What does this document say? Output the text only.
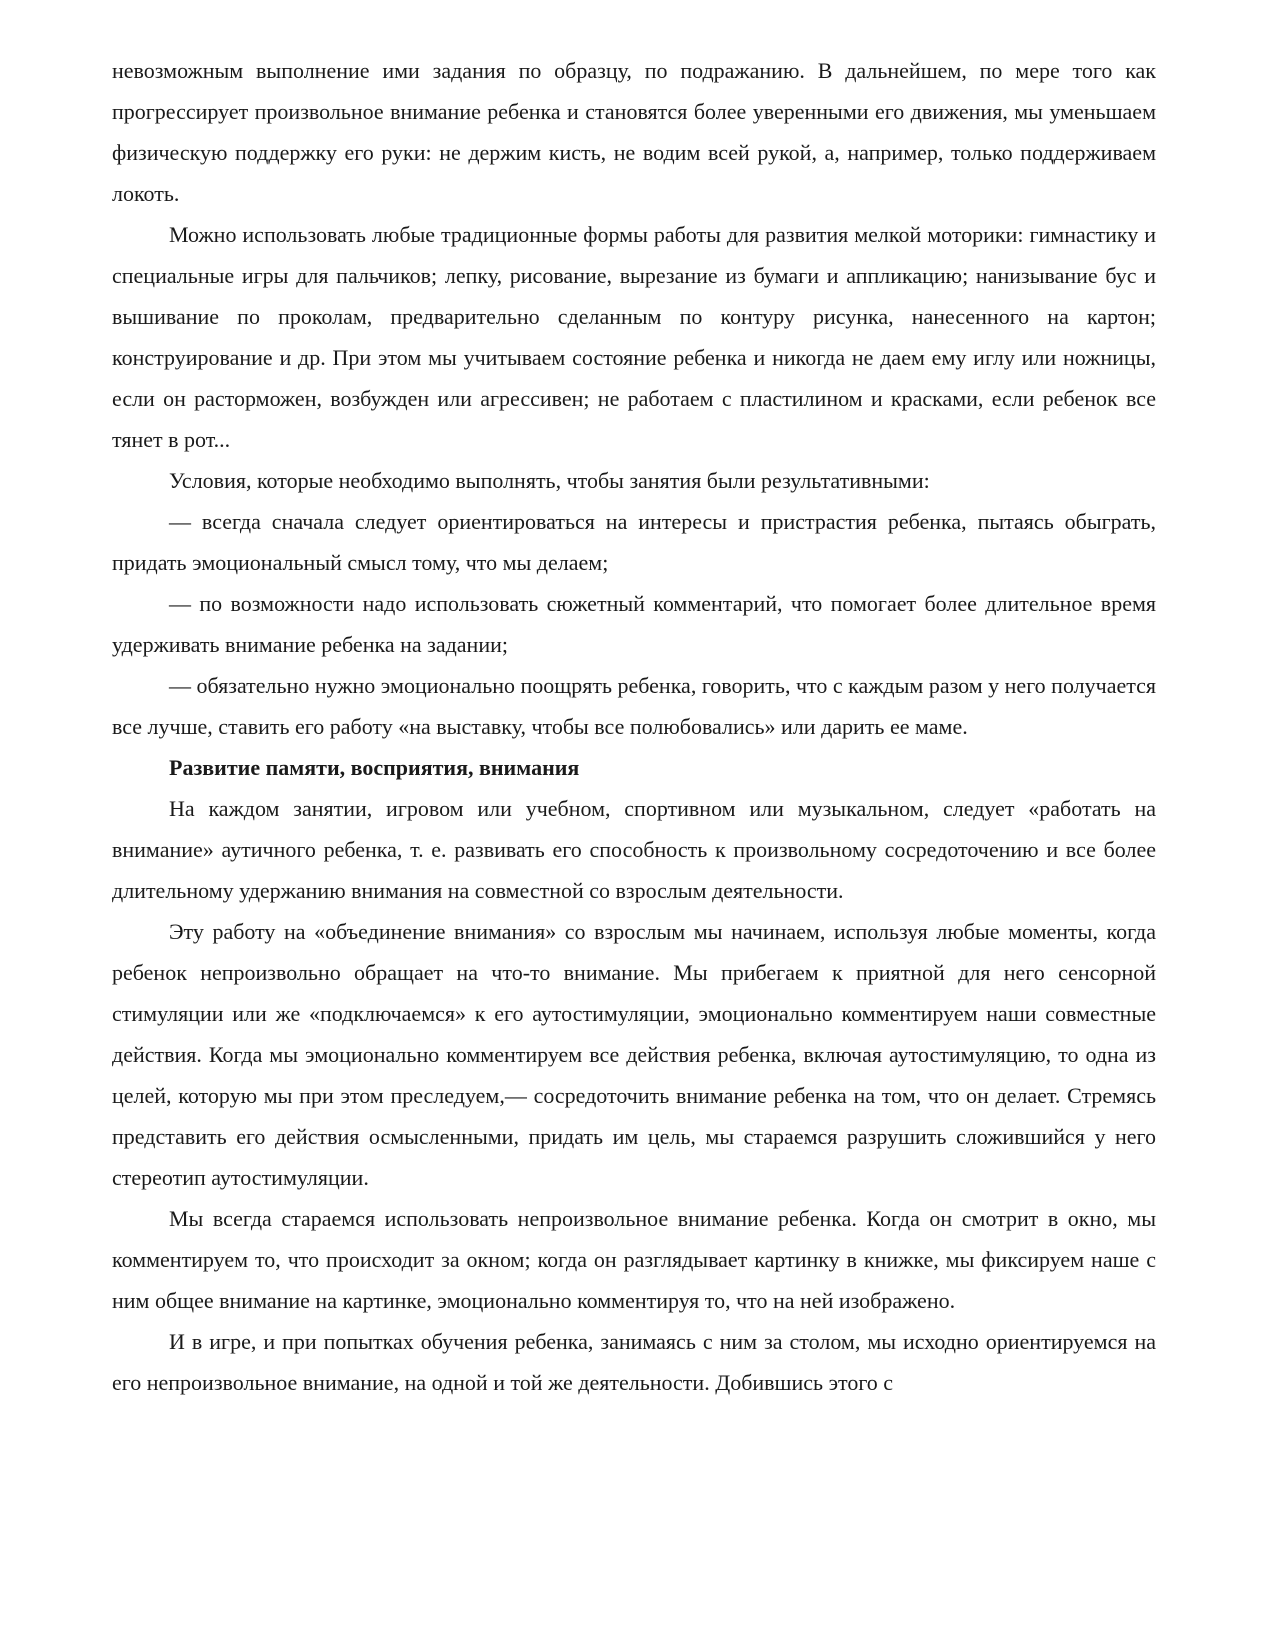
невозможным выполнение ими задания по образцу, по подражанию. В дальнейшем, по мере того как прогрессирует произвольное внимание ребенка и становятся более уверенными его движения, мы уменьшаем физическую поддержку его руки: не держим кисть, не водим всей рукой, а, например, только поддерживаем локоть.

Можно использовать любые традиционные формы работы для развития мелкой моторики: гимнастику и специальные игры для пальчиков; лепку, рисование, вырезание из бумаги и аппликацию; нанизывание бус и вышивание по проколам, предварительно сделанным по контуру рисунка, нанесенного на картон; конструирование и др. При этом мы учитываем состояние ребенка и никогда не даем ему иглу или ножницы, если он расторможен, возбужден или агрессивен; не работаем с пластилином и красками, если ребенок все тянет в рот...

Условия, которые необходимо выполнять, чтобы занятия были результативными:

— всегда сначала следует ориентироваться на интересы и пристрастия ребенка, пытаясь обыграть, придать эмоциональный смысл тому, что мы делаем;

— по возможности надо использовать сюжетный комментарий, что помогает более длительное время удерживать внимание ребенка на задании;

— обязательно нужно эмоционально поощрять ребенка, говорить, что с каждым разом у него получается все лучше, ставить его работу «на выставку, чтобы все полюбовались» или дарить ее маме.

Развитие памяти, восприятия, внимания

На каждом занятии, игровом или учебном, спортивном или музыкальном, следует «работать на внимание» аутичного ребенка, т. е. развивать его способность к произвольному сосредоточению и все более длительному удержанию внимания на совместной со взрослым деятельности.

Эту работу на «объединение внимания» со взрослым мы начинаем, используя любые моменты, когда ребенок непроизвольно обращает на что-то внимание. Мы прибегаем к приятной для него сенсорной стимуляции или же «подключаемся» к его аутостимуляции, эмоционально комментируем наши совместные действия. Когда мы эмоционально комментируем все действия ребенка, включая аутостимуляцию, то одна из целей, которую мы при этом преследуем,— сосредоточить внимание ребенка на том, что он делает. Стремясь представить его действия осмысленными, придать им цель, мы стараемся разрушить сложившийся у него стереотип аутостимуляции.

Мы всегда стараемся использовать непроизвольное внимание ребенка. Когда он смотрит в окно, мы комментируем то, что происходит за окном; когда он разглядывает картинку в книжке, мы фиксируем наше с ним общее внимание на картинке, эмоционально комментируя то, что на ней изображено.

И в игре, и при попытках обучения ребенка, занимаясь с ним за столом, мы исходно ориентируемся на его непроизвольное внимание, на одной и той же деятельности. Добившись этого с
